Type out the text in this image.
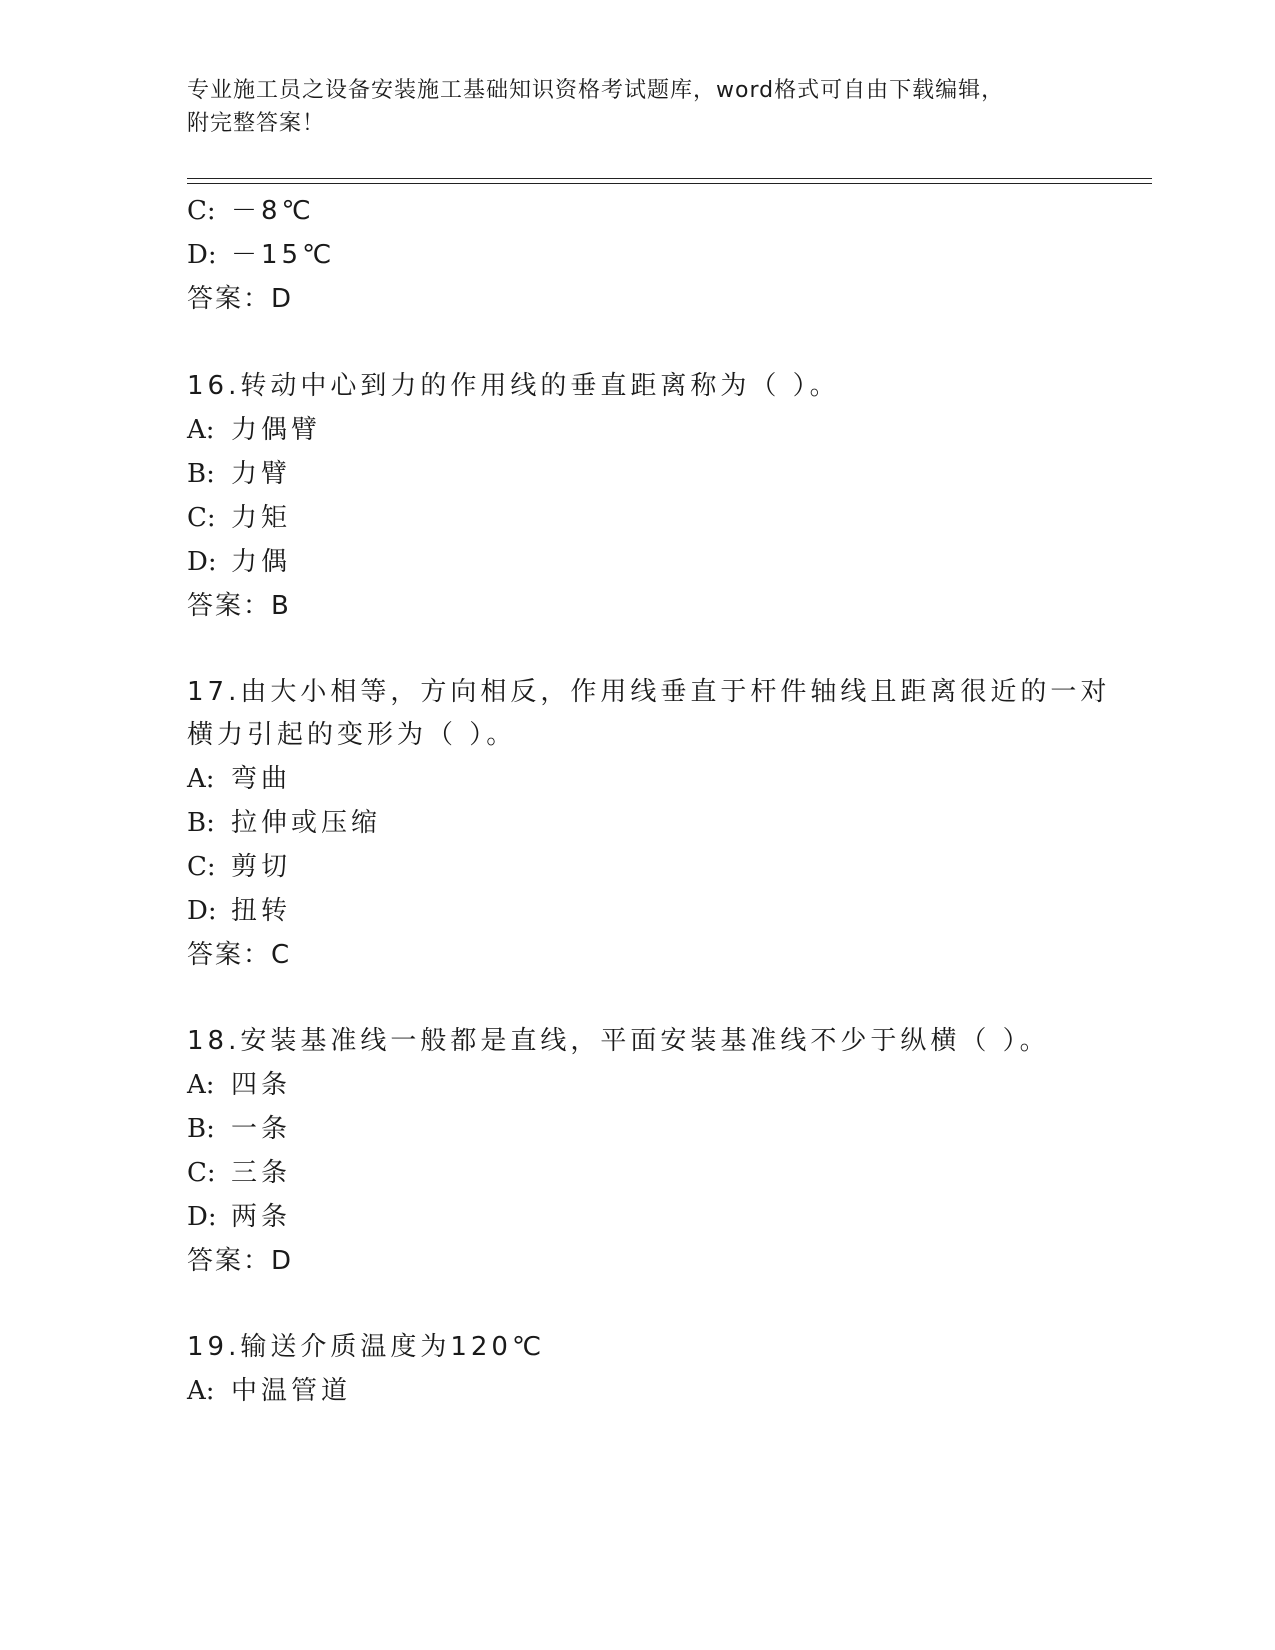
专业施工员之设备安装施工基础知识资格考试题库，word格式可自由下载编辑，
附完整答案！
C: －8℃
D: －15℃
答案：D
16.转动中心到力的作用线的垂直距离称为（ ）。
A: 力偶臂
B: 力臂
C: 力矩
D: 力偶
答案：B
17.由大小相等，方向相反，作用线垂直于杆件轴线且距离很近的一对
横力引起的变形为（ ）。
A: 弯曲
B: 拉伸或压缩
C: 剪切
D: 扭转
答案：C
18.安装基准线一般都是直线，平面安装基准线不少于纵横（ ）。
A: 四条
B: 一条
C: 三条
D: 两条
答案：D
19.输送介质温度为120℃
A: 中温管道
